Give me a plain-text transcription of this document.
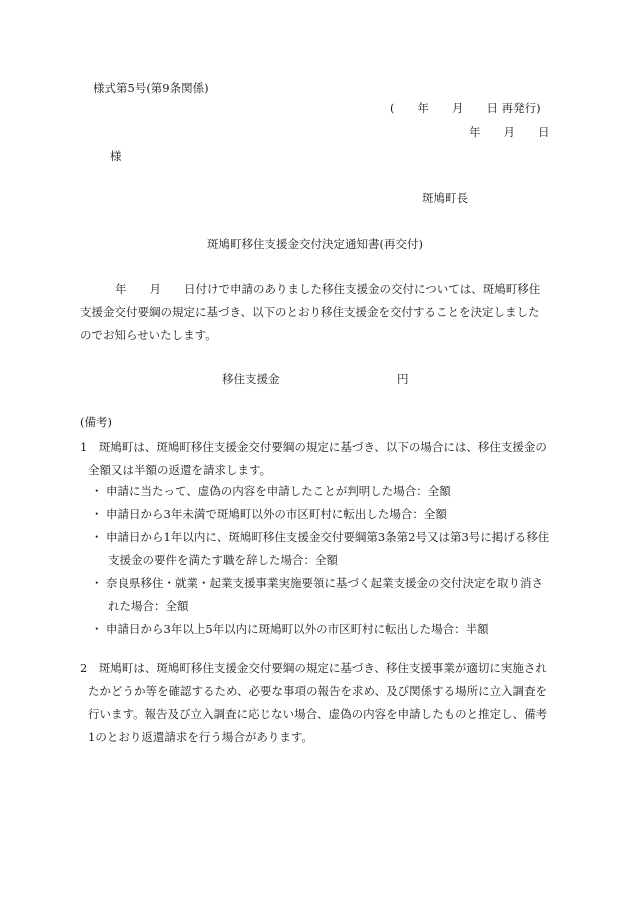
様式第5号(第9条関係)
(　　年　　月　　日 再発行)
年　　月　　日
様
斑鳩町長
斑鳩町移住支援金交付決定通知書(再交付)
年　　月　　日付けで申請のありました移住支援金の交付については、斑鳩町移住支援金交付要綱の規定に基づき、以下のとおり移住支援金を交付することを決定しましたのでお知らせいたします。
移住支援金	円
(備考)
1　斑鳩町は、斑鳩町移住支援金交付要綱の規定に基づき、以下の場合には、移住支援金の
全額又は半額の返還を請求します。
・ 申請に当たって、虚偽の内容を申請したことが判明した場合：全額
・ 申請日から3年未満で斑鳩町以外の市区町村に転出した場合：全額
・ 申請日から1年以内に、斑鳩町移住支援金交付要綱第3条第2号又は第3号に掲げる移住
支援金の要件を満たす職を辞した場合：全額
・ 奈良県移住・就業・起業支援事業実施要領に基づく起業支援金の交付決定を取り消さ
れた場合：全額
・ 申請日から3年以上5年以内に斑鳩町以外の市区町村に転出した場合：半額
2　斑鳩町は、斑鳩町移住支援金交付要綱の規定に基づき、移住支援事業が適切に実施され
たかどうか等を確認するため、必要な事項の報告を求め、及び関係する場所に立入調査を
行います。報告及び立入調査に応じない場合、虚偽の内容を申請したものと推定し、備考
1のとおり返還請求を行う場合があります。
